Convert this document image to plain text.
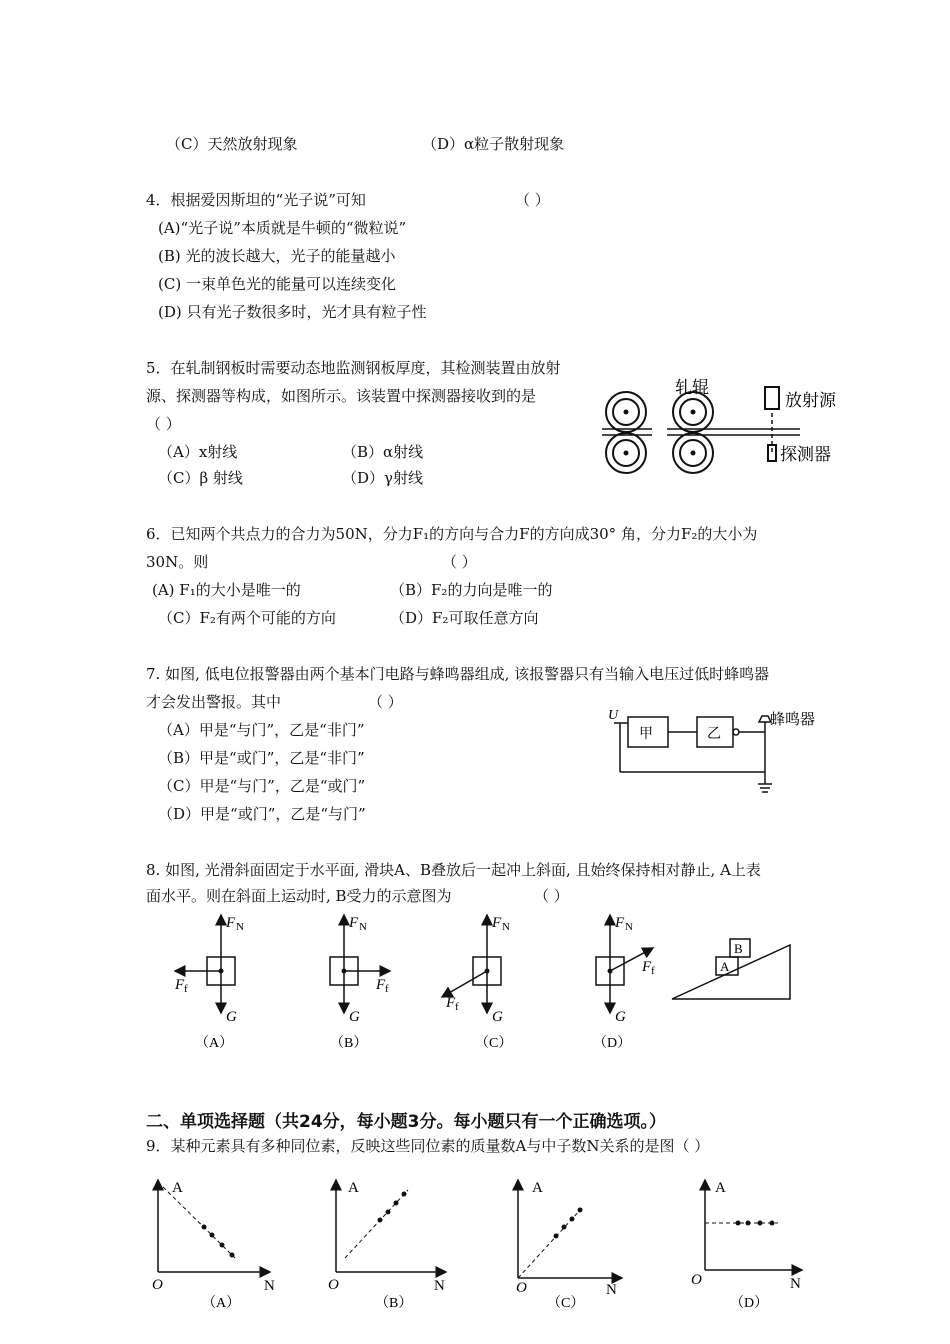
（C）天然放射现象	（D）α粒子散射现象
4．根据爱因斯坦的“光子说”可知	（ ）
(A)“光子说”本质就是牛顿的“微粒说”
(B) 光的波长越大，光子的能量越小
(C) 一束单色光的能量可以连续变化
(D) 只有光子数很多时，光才具有粒子性
5．在轧制钢板时需要动态地监测钢板厚度，其检测装置由放射
源、探测器等构成，如图所示。该装置中探测器接收到的是
（ ）
（A）x射线	（B）α射线
（C）β 射线	（D）γ射线
轧辊
放射源
探测器
6．已知两个共点力的合力为50N，分力F₁的方向与合力F的方向成30° 角，分力F₂的大小为
30N。则	（ ）
(A) F₁的大小是唯一的	（B）F₂的力向是唯一的
（C）F₂有两个可能的方向	（D）F₂可取任意方向
7. 如图, 低电位报警器由两个基本门电路与蜂鸣器组成, 该报警器只有当输入电压过低时蜂鸣器
才会发出警报。其中	（ ）
（A）甲是“与门”，乙是“非门”
（B）甲是“或门”，乙是“非门”
（C）甲是“与门”，乙是“或门”
（D）甲是“或门”，乙是“与门”
U
甲	乙
蜂鸣器
8. 如图, 光滑斜面固定于水平面, 滑块A、B叠放后一起冲上斜面, 且始终保持相对静止, A上表
面水平。则在斜面上运动时, B受力的示意图为	（ ）
F N
G
F f
（A）
F N
G
F f
（B）
F N
G
F f
（C）
F N
G
F f
（D）
A
B
二、单项选择题（共24分，每小题3分。每小题只有一个正确选项。）
9．某种元素具有多种同位素，反映这些同位素的质量数A与中子数N关系的是图（ ）
A
N
O
（A）
A
N
O
（B）
A
N
O
（C）
A
N
O
（D）
